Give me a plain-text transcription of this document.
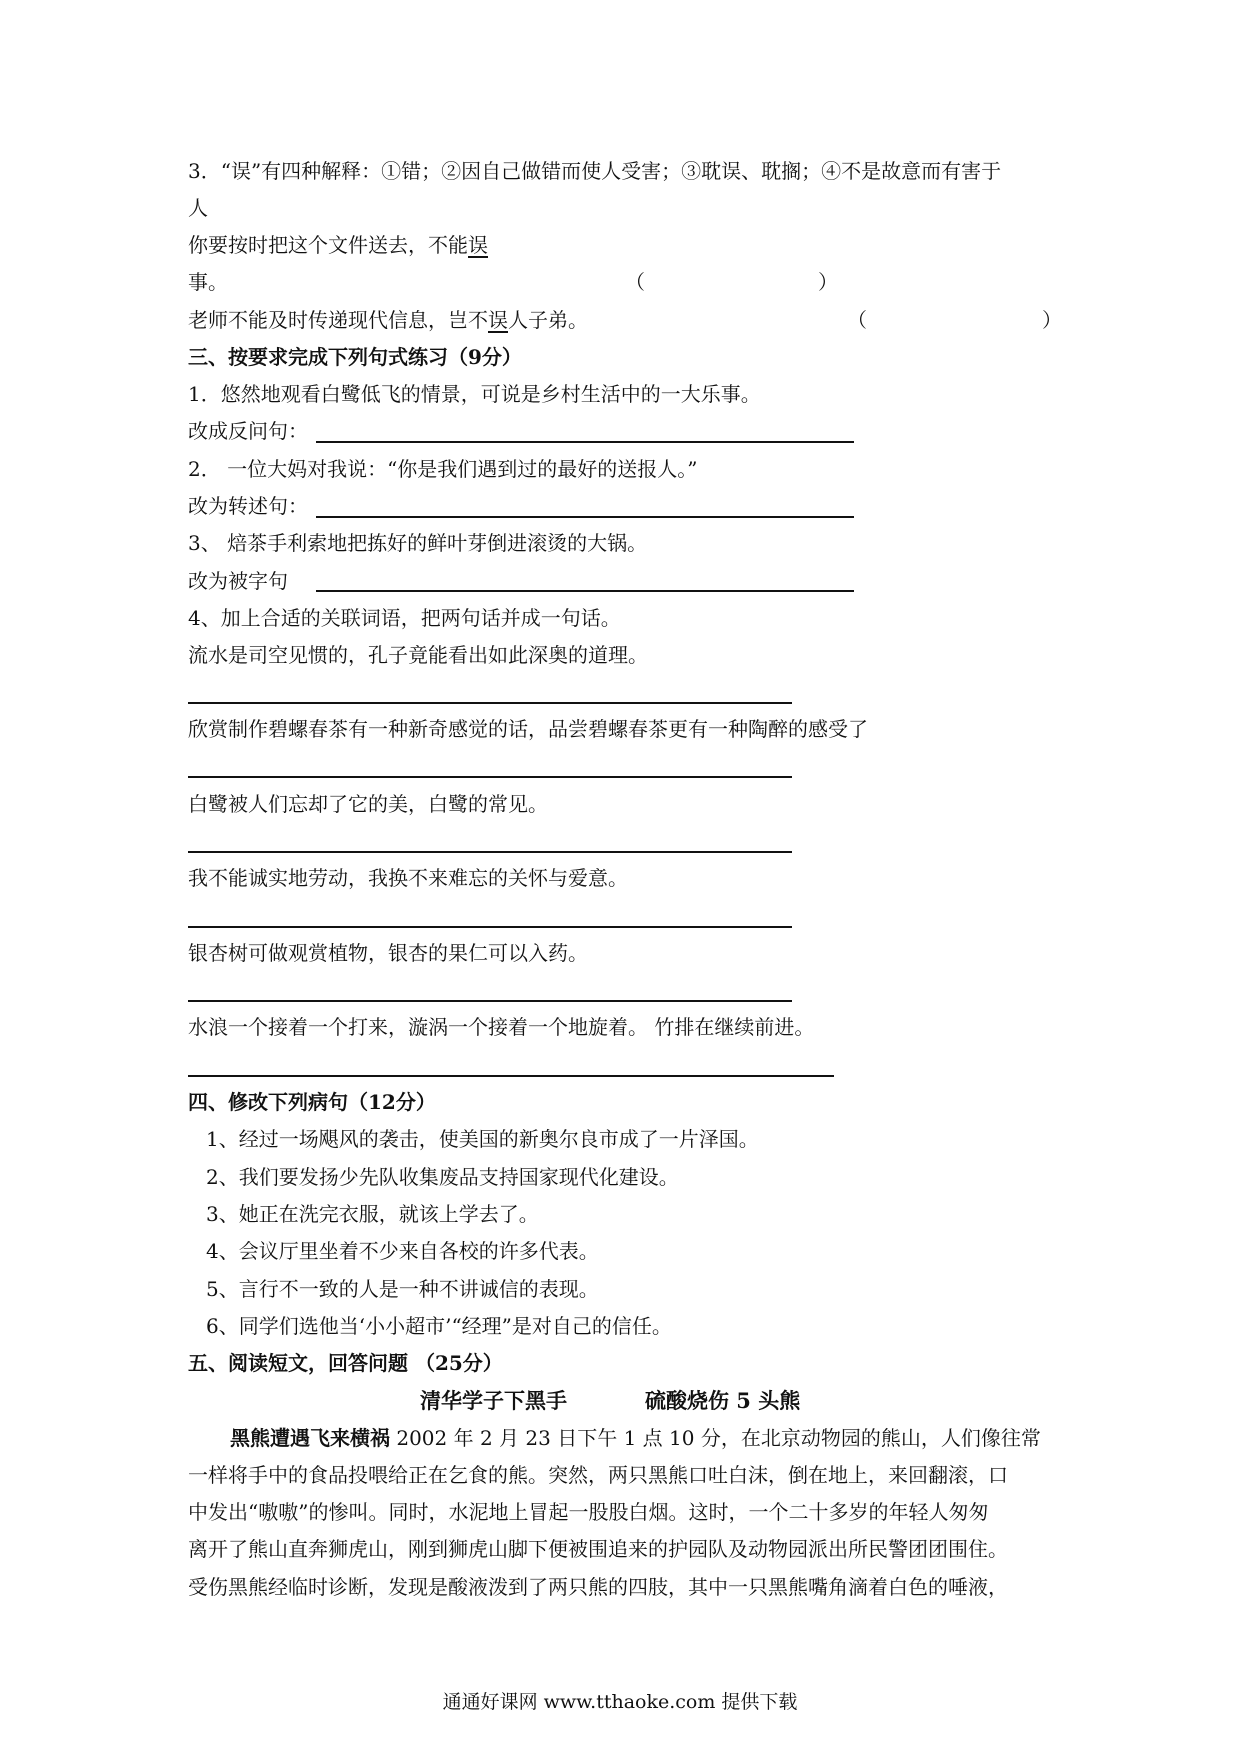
3．“误”有四种解释：①错；②因自己做错而使人受害；③耽误、耽搁；④不是故意而有害于
人
你要按时把这个文件送去，不能误
事。	（	）
老师不能及时传递现代信息，岂不误人子弟。	（	）
三、按要求完成下列句式练习（9分）
1．悠然地观看白鹭低飞的情景，可说是乡村生活中的一大乐事。
改成反问句：
2． 一位大妈对我说：“你是我们遇到过的最好的送报人。”
改为转述句：
3、 焙茶手利索地把拣好的鲜叶芽倒进滚烫的大锅。
改为被字句
4、加上合适的关联词语，把两句话并成一句话。
流水是司空见惯的，孔子竟能看出如此深奥的道理。
欣赏制作碧螺春茶有一种新奇感觉的话，品尝碧螺春茶更有一种陶醉的感受了
白鹭被人们忘却了它的美，白鹭的常见。
我不能诚实地劳动，我换不来难忘的关怀与爱意。
银杏树可做观赏植物，银杏的果仁可以入药。
水浪一个接着一个打来，漩涡一个接着一个地旋着。 竹排在继续前进。
四、修改下列病句（12分）
1、经过一场飓风的袭击，使美国的新奥尔良市成了一片泽国。
2、我们要发扬少先队收集废品支持国家现代化建设。
3、她正在洗完衣服，就该上学去了。
4、会议厅里坐着不少来自各校的许多代表。
5、言行不一致的人是一种不讲诚信的表现。
6、同学们选他当‘小小超市’“经理”是对自己的信任。
五、阅读短文，回答问题 （25分）
清华学子下黑手	硫酸烧伤 5 头熊
黑熊遭遇飞来横祸 2002 年 2 月 23 日下午 1 点 10 分，在北京动物园的熊山，人们像往常
一样将手中的食品投喂给正在乞食的熊。突然，两只黑熊口吐白沫，倒在地上，来回翻滚，口
中发出“嗷嗷”的惨叫。同时，水泥地上冒起一股股白烟。这时，一个二十多岁的年轻人匆匆
离开了熊山直奔狮虎山，刚到狮虎山脚下便被围追来的护园队及动物园派出所民警团团围住。
受伤黑熊经临时诊断，发现是酸液泼到了两只熊的四肢，其中一只黑熊嘴角滴着白色的唾液，
通通好课网 www.tthaoke.com 提供下载
